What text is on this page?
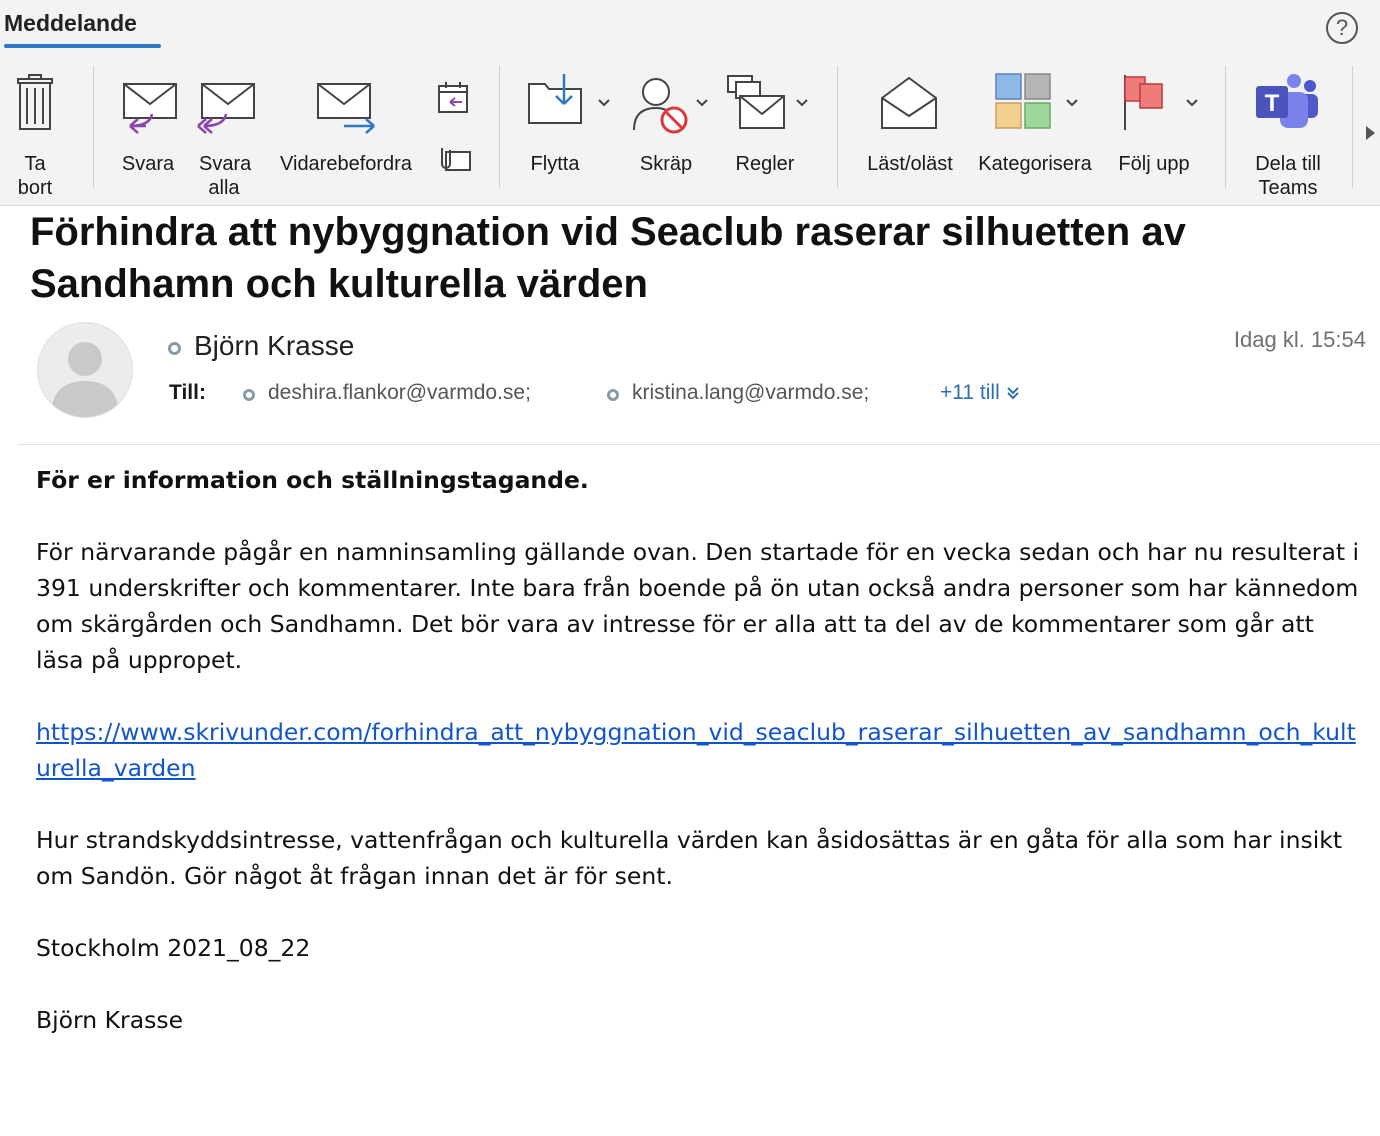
Meddelande	?
Ta bort
Svara	Svara alla
Vidarebefordra	Flytta	Skräp	Regler	Läst/oläst	Kategorisera	Följ upp
T
Dela till Teams
Förhindra att nybyggnation vid Seaclub raserar silhuetten av Sandhamn och kulturella värden
Björn Krasse	Idag kl. 15:54
Till:	deshira.flankor@varmdo.se;	kristina.lang@varmdo.se;	+11 till

För er information och ställningstagande.

För närvarande pågår en namninsamling gällande ovan. Den startade för en vecka sedan och har nu resulterat i 391 underskrifter och kommentarer. Inte bara från boende på ön utan också andra personer som har kännedom om skärgården och Sandhamn. Det bör vara av intresse för er alla att ta del av de kommentarer som går att läsa på uppropet.

https://www.skrivunder.com/forhindra_att_nybyggnation_vid_seaclub_raserar_silhuetten_av_sandhamn_och_kulturella_varden

Hur strandskyddsintresse, vattenfrågan och kulturella värden kan åsidosättas är en gåta för alla som har insikt om Sandön. Gör något åt frågan innan det är för sent.

Stockholm 2021_08_22

Björn Krasse
